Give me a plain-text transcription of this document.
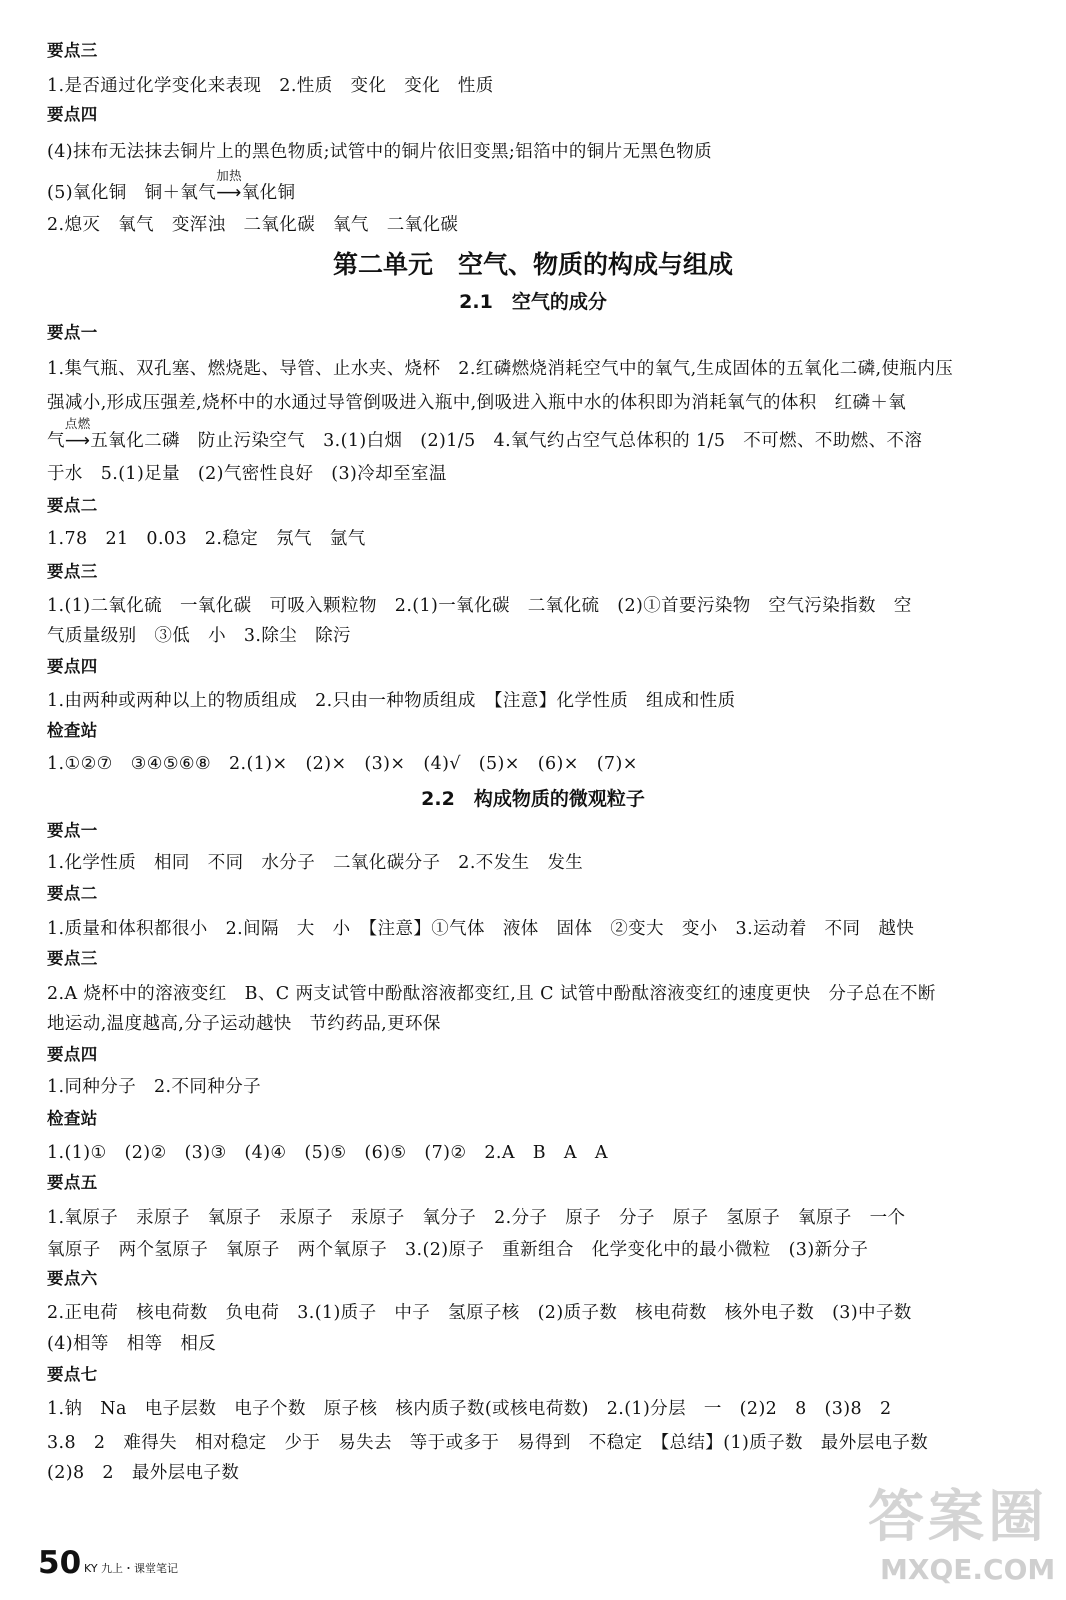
要点三
1.是否通过化学变化来表现　2.性质　变化　变化　性质
要点四
(4)抹布无法抹去铜片上的黑色物质;试管中的铜片依旧变黑;铝箔中的铜片无黑色物质
(5)氧化铜　铜＋氧气
加热
⟶氧化铜
2.熄灭　氧气　变浑浊　二氧化碳　氧气　二氧化碳
第二单元　空气、物质的构成与组成
2.1　空气的成分
要点一
1.集气瓶、双孔塞、燃烧匙、导管、止水夹、烧杯　2.红磷燃烧消耗空气中的氧气,生成固体的五氧化二磷,使瓶内压
强减小,形成压强差,烧杯中的水通过导管倒吸进入瓶中,倒吸进入瓶中水的体积即为消耗氧气的体积　红磷＋氧
气
点燃
⟶五氧化二磷　防止污染空气　3.(1)白烟　(2)1/5　4.氧气约占空气总体积的 1/5　不可燃、不助燃、不溶
于水　5.(1)足量　(2)气密性良好　(3)冷却至室温
要点二
1.78　21　0.03　2.稳定　氖气　氩气
要点三
1.(1)二氧化硫　一氧化碳　可吸入颗粒物　2.(1)一氧化碳　二氧化硫　(2)①首要污染物　空气污染指数　空
气质量级别　③低　小　3.除尘　除污
要点四
1.由两种或两种以上的物质组成　2.只由一种物质组成　【注意】化学性质　组成和性质
检查站
1.①②⑦　③④⑤⑥⑧　2.(1)×　(2)×　(3)×　(4)√　(5)×　(6)×　(7)×
2.2　构成物质的微观粒子
要点一
1.化学性质　相同　不同　水分子　二氧化碳分子　2.不发生　发生
要点二
1.质量和体积都很小　2.间隔　大　小　【注意】①气体　液体　固体　②变大　变小　3.运动着　不同　越快
要点三
2.A 烧杯中的溶液变红　B、C 两支试管中酚酞溶液都变红,且 C 试管中酚酞溶液变红的速度更快　分子总在不断
地运动,温度越高,分子运动越快　节约药品,更环保
要点四
1.同种分子　2.不同种分子
检查站
1.(1)①　(2)②　(3)③　(4)④　(5)⑤　(6)⑤　(7)②　2.A　B　A　A
要点五
1.氧原子　汞原子　氧原子　汞原子　汞原子　氧分子　2.分子　原子　分子　原子　氢原子　氧原子　一个
氧原子　两个氢原子　氧原子　两个氧原子　3.(2)原子　重新组合　化学变化中的最小微粒　(3)新分子
要点六
2.正电荷　核电荷数　负电荷　3.(1)质子　中子　氢原子核　(2)质子数　核电荷数　核外电子数　(3)中子数
(4)相等　相等　相反
要点七
1.钠　Na　电子层数　电子个数　原子核　核内质子数(或核电荷数)　2.(1)分层　一　(2)2　8　(3)8　2
3.8　2　难得失　相对稳定　少于　易失去　等于或多于　易得到　不稳定　【总结】(1)质子数　最外层电子数
(2)8　2　最外层电子数
50 KY 九上・课堂笔记
答案圈
MXQE.COM
